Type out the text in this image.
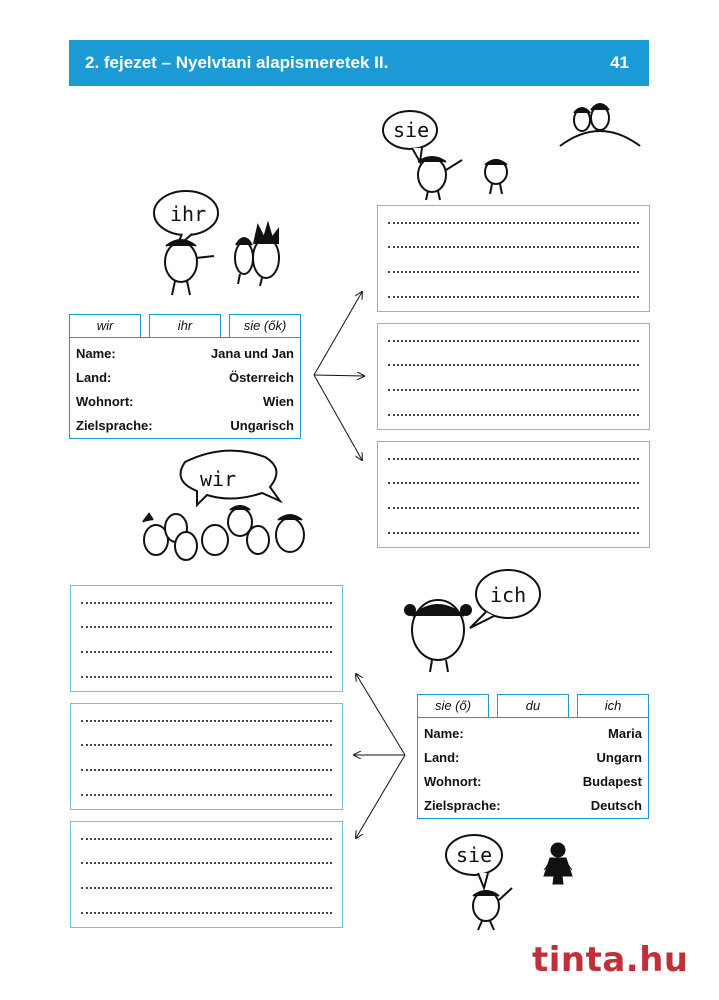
2. fejezet – Nyelvtani alapismeretek II.	41
wir	ihr	sie (ők)
Name:	Jana und Jan
Land:	Österreich
Wohnort:	Wien
Zielsprache:	Ungarisch
sie (ő)	du	ich
Name:	Maria
Land:	Ungarn
Wohnort:	Budapest
Zielsprache:	Deutsch
ihr
sie
wir
ich
sie
tinta.hu
